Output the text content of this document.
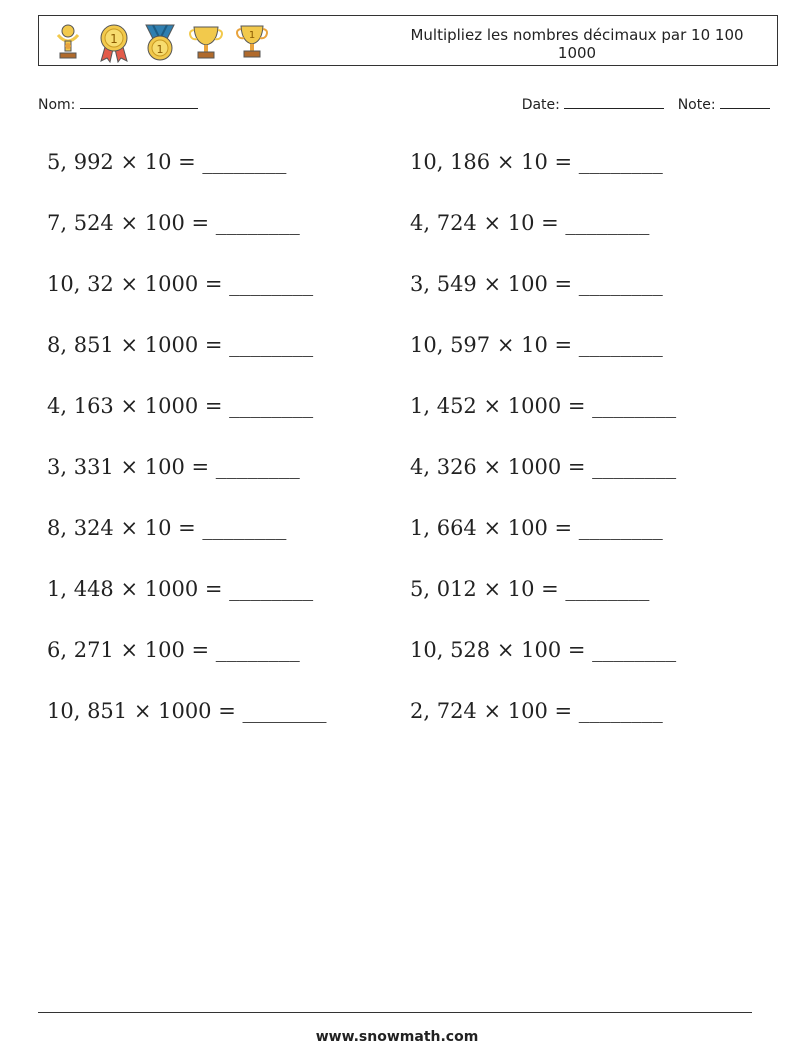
1
1
1	Multipliez les nombres décimaux par 10 100 1000
Nom:	Date:	Note:
5, 992 × 10 = ________
7, 524 × 100 = ________
10, 32 × 1000 = ________
8, 851 × 1000 = ________
4, 163 × 1000 = ________
3, 331 × 100 = ________
8, 324 × 10 = ________
1, 448 × 1000 = ________
6, 271 × 100 = ________
10, 851 × 1000 = ________
10, 186 × 10 = ________
4, 724 × 10 = ________
3, 549 × 100 = ________
10, 597 × 10 = ________
1, 452 × 1000 = ________
4, 326 × 1000 = ________
1, 664 × 100 = ________
5, 012 × 10 = ________
10, 528 × 100 = ________
2, 724 × 100 = ________
www.snowmath.com
